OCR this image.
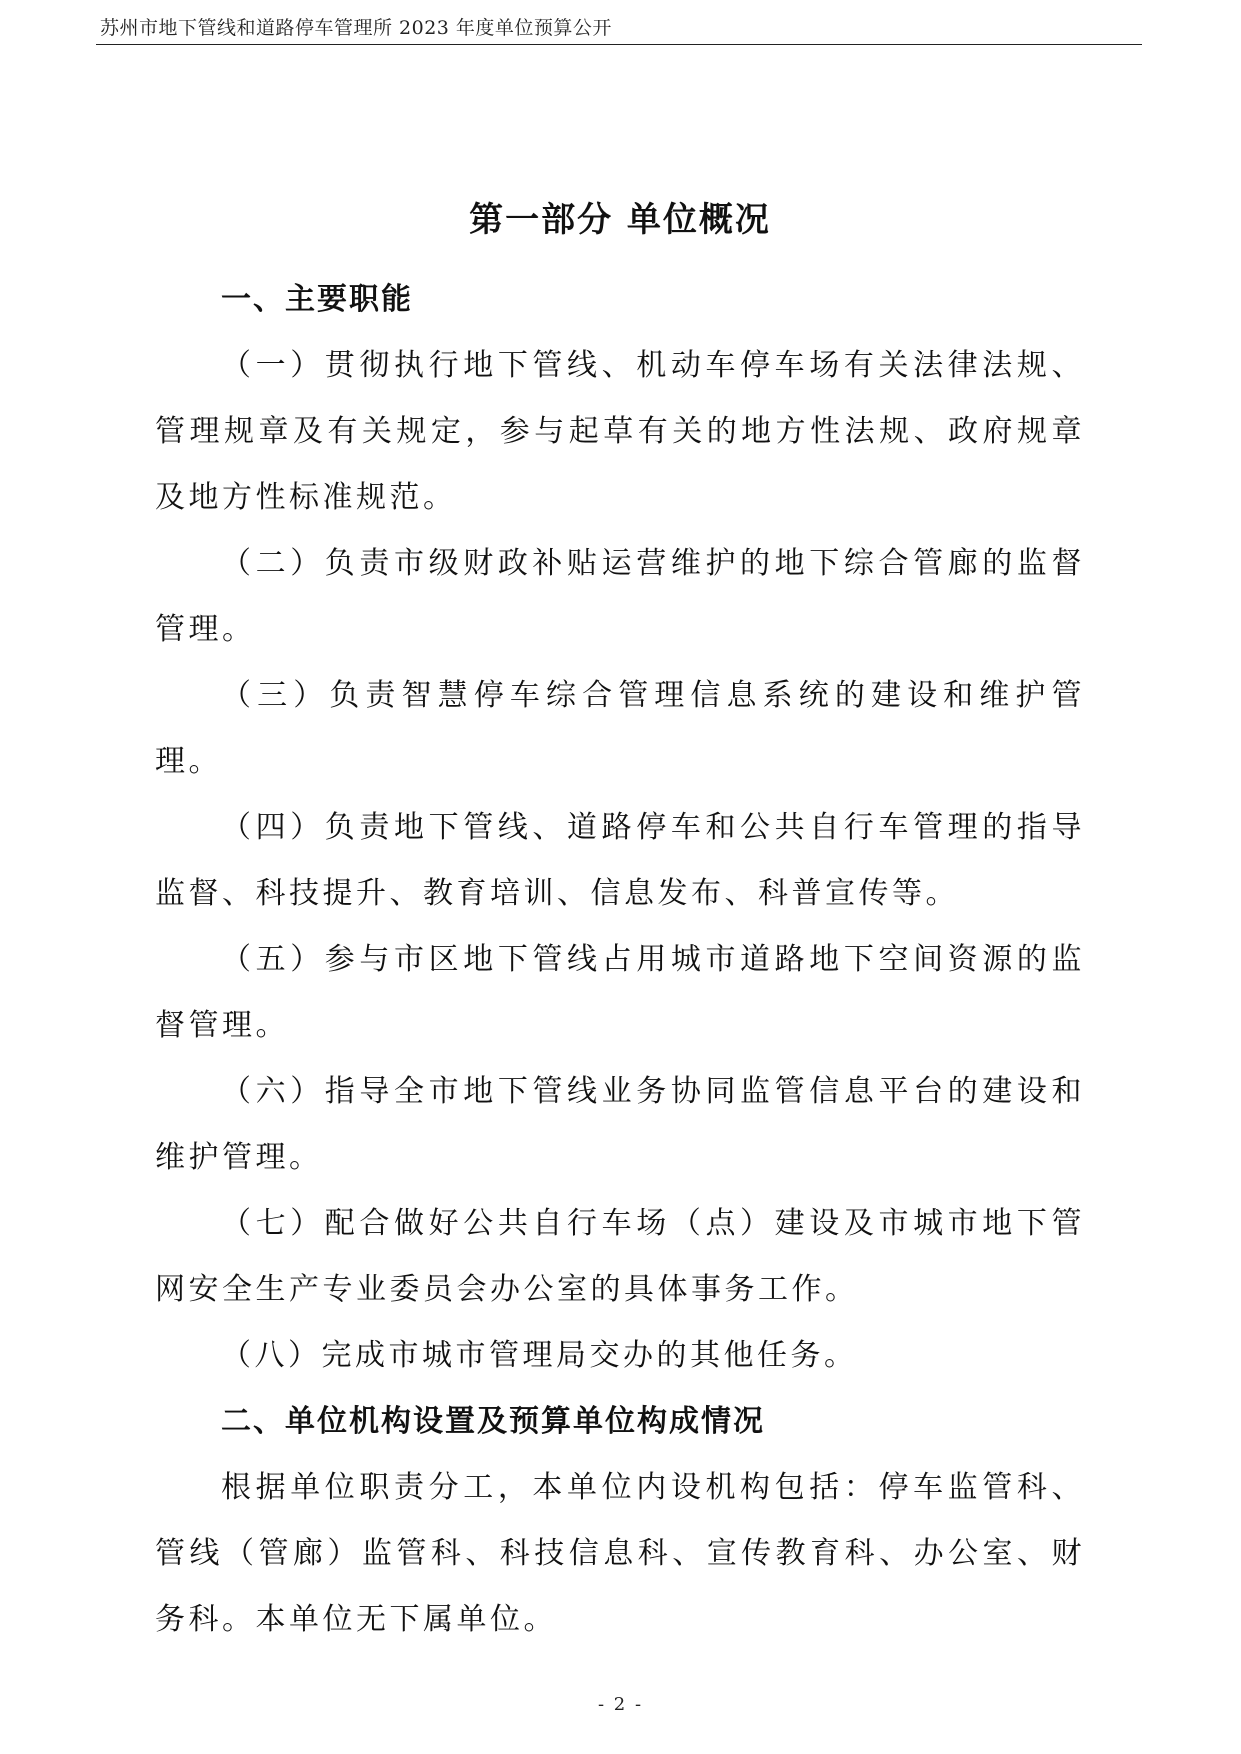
苏州市地下管线和道路停车管理所 2023 年度单位预算公开
第一部分 单位概况
一、主要职能

（一）贯彻执行地下管线、机动车停车场有关法律法规、管理规章及有关规定，参与起草有关的地方性法规、政府规章及地方性标准规范。

（二）负责市级财政补贴运营维护的地下综合管廊的监督管理。

（三）负责智慧停车综合管理信息系统的建设和维护管理。

（四）负责地下管线、道路停车和公共自行车管理的指导监督、科技提升、教育培训、信息发布、科普宣传等。

（五）参与市区地下管线占用城市道路地下空间资源的监督管理。

（六）指导全市地下管线业务协同监管信息平台的建设和维护管理。

（七）配合做好公共自行车场（点）建设及市城市地下管网安全生产专业委员会办公室的具体事务工作。

（八）完成市城市管理局交办的其他任务。

二、单位机构设置及预算单位构成情况

根据单位职责分工，本单位内设机构包括：停车监管科、管线（管廊）监管科、科技信息科、宣传教育科、办公室、财务科。本单位无下属单位。

- 2 -
